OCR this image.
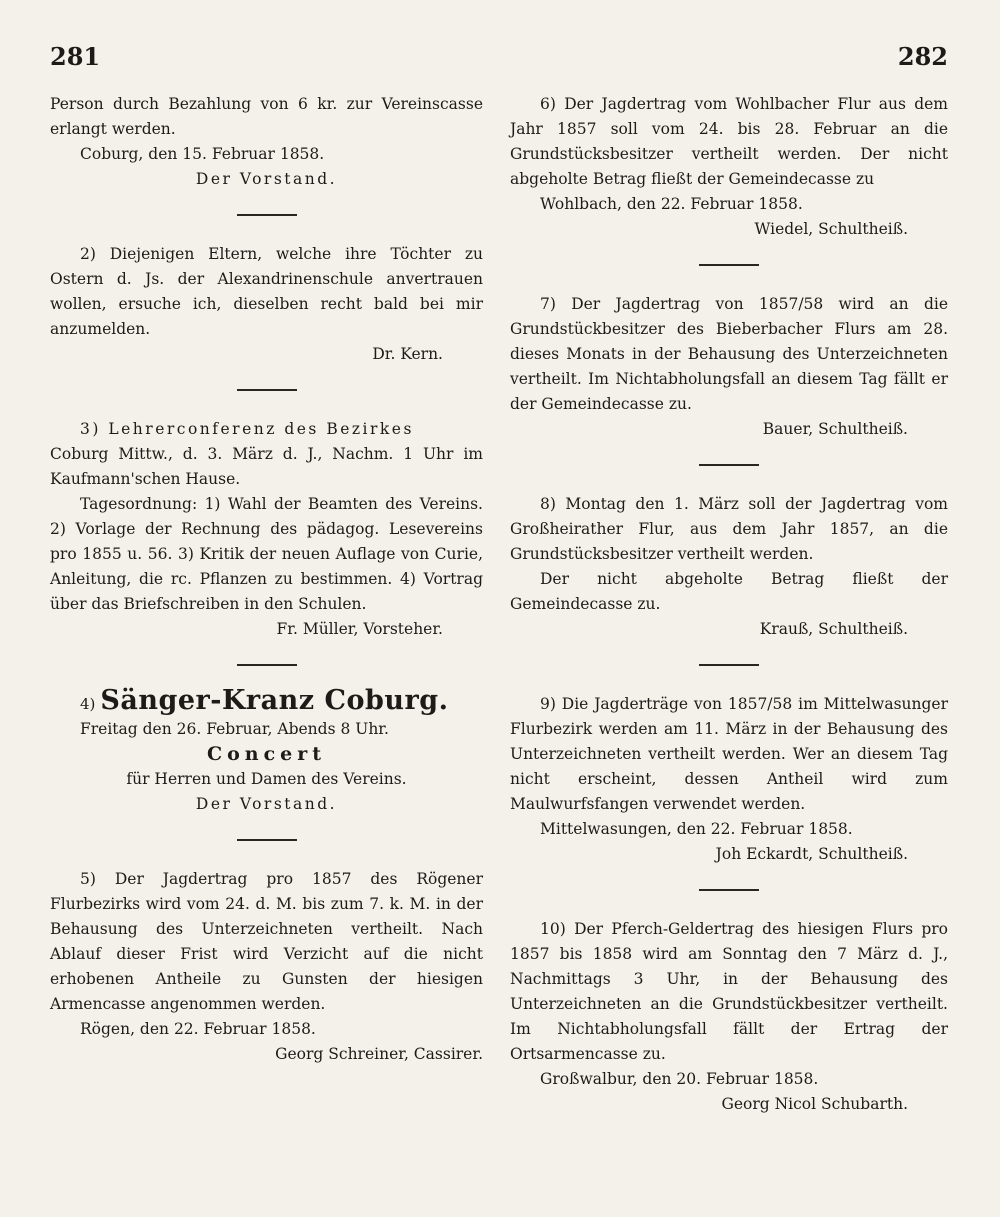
281	282

Person durch Bezahlung von 6 kr. zur Vereinscasse erlangt werden.

Coburg, den 15. Februar 1858.

Der Vorstand.

2) Diejenigen Eltern, welche ihre Töchter zu Ostern d. Js. der Alexandrinenschule anvertrauen wollen, ersuche ich, dieselben recht bald bei mir anzumelden.

Dr. Kern.

3) Lehrerconferenz des Bezirkes

Coburg Mittw., d. 3. März d. J., Nachm. 1 Uhr im Kaufmann'schen Hause.

Tagesordnung: 1) Wahl der Beamten des Vereins. 2) Vorlage der Rechnung des pädagog. Lesevereins pro 1855 u. 56. 3) Kritik der neuen Auflage von Curie, Anleitung, die rc. Pflanzen zu bestimmen. 4) Vortrag über das Briefschreiben in den Schulen.

Fr. Müller, Vorsteher.

4) Sänger-Kranz Coburg.

Freitag den 26. Februar, Abends 8 Uhr.

Concert

für Herren und Damen des Vereins.

Der Vorstand.

5) Der Jagdertrag pro 1857 des Rögener Flurbezirks wird vom 24. d. M. bis zum 7. k. M. in der Behausung des Unterzeichneten vertheilt. Nach Ablauf dieser Frist wird Verzicht auf die nicht erhobenen Antheile zu Gunsten der hiesigen Armencasse angenommen werden.

Rögen, den 22. Februar 1858.

Georg Schreiner, Cassirer.

6) Der Jagdertrag vom Wohlbacher Flur aus dem Jahr 1857 soll vom 24. bis 28. Februar an die Grundstücksbesitzer vertheilt werden. Der nicht abgeholte Betrag fließt der Gemeindecasse zu

Wohlbach, den 22. Februar 1858.

Wiedel, Schultheiß.

7) Der Jagdertrag von 1857/58 wird an die Grundstückbesitzer des Bieberbacher Flurs am 28. dieses Monats in der Behausung des Unterzeichneten vertheilt. Im Nichtabholungsfall an diesem Tag fällt er der Gemeindecasse zu.

Bauer, Schultheiß.

8) Montag den 1. März soll der Jagdertrag vom Großheirather Flur, aus dem Jahr 1857, an die Grundstücksbesitzer vertheilt werden.

Der nicht abgeholte Betrag fließt der Gemeindecasse zu.

Krauß, Schultheiß.

9) Die Jagderträge von 1857/58 im Mittelwasunger Flurbezirk werden am 11. März in der Behausung des Unterzeichneten vertheilt werden. Wer an diesem Tag nicht erscheint, dessen Antheil wird zum Maulwurfsfangen verwendet werden.

Mittelwasungen, den 22. Februar 1858.

Joh Eckardt, Schultheiß.

10) Der Pferch-Geldertrag des hiesigen Flurs pro 1857 bis 1858 wird am Sonntag den 7 März d. J., Nachmittags 3 Uhr, in der Behausung des Unterzeichneten an die Grundstückbesitzer vertheilt. Im Nichtabholungsfall fällt der Ertrag der Ortsarmencasse zu.

Großwalbur, den 20. Februar 1858.

Georg Nicol Schubarth.
